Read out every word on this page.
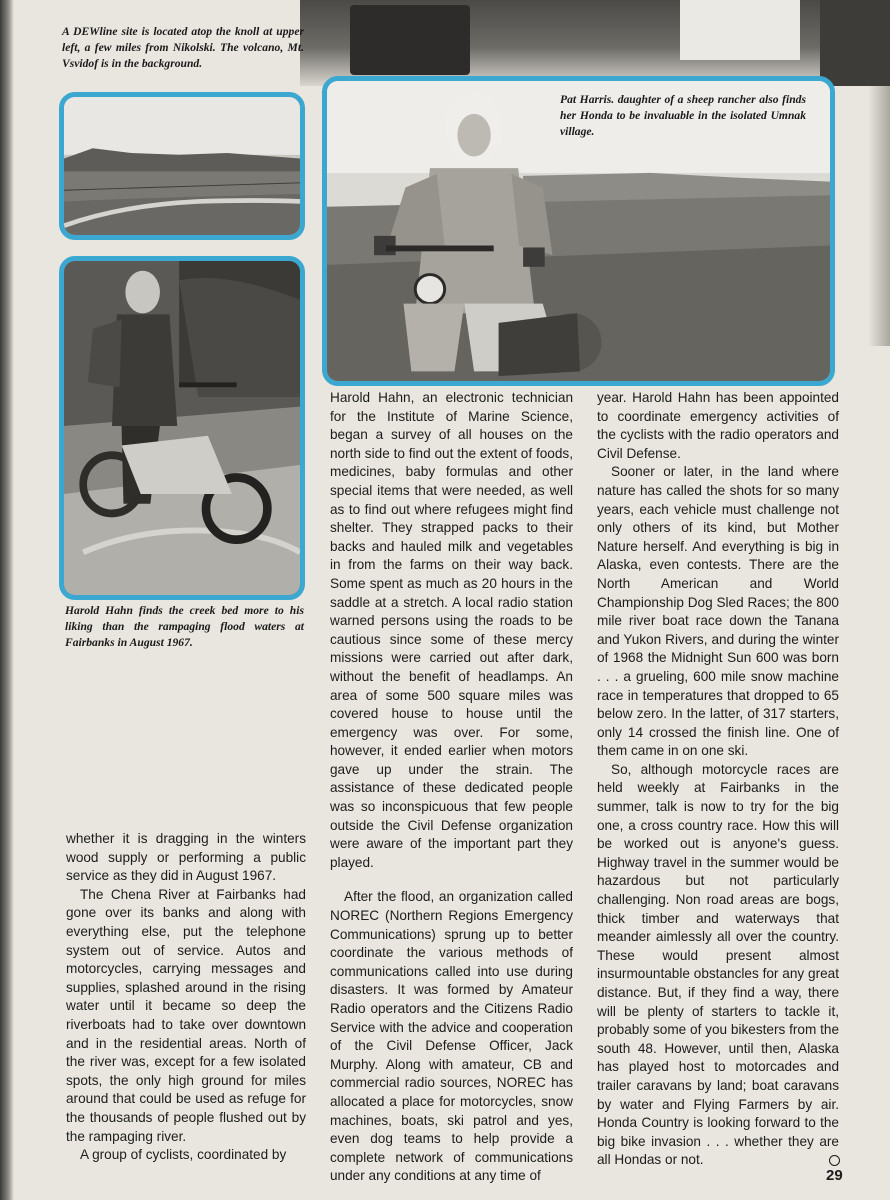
A DEWline site is located atop the knoll at upper left, a few miles from Nikolski. The volcano, Mt. Vsvidof is in the background.

Pat Harris. daughter of a sheep rancher also finds her Honda to be invaluable in the isolated Umnak village.

Harold Hahn finds the creek bed more to his liking than the rampaging flood waters at Fairbanks in August 1967.

whether it is dragging in the winters wood supply or performing a public service as they did in August 1967.

The Chena River at Fairbanks had gone over its banks and along with everything else, put the telephone system out of service. Autos and motorcycles, carrying messages and supplies, splashed around in the rising water until it became so deep the riverboats had to take over downtown and in the residential areas. North of the river was, except for a few isolated spots, the only high ground for miles around that could be used as refuge for the thousands of people flushed out by the rampaging river.

A group of cyclists, coordinated by

Harold Hahn, an electronic technician for the Institute of Marine Science, began a survey of all houses on the north side to find out the extent of foods, medicines, baby formulas and other special items that were needed, as well as to find out where refugees might find shelter. They strapped packs to their backs and hauled milk and vegetables in from the farms on their way back. Some spent as much as 20 hours in the saddle at a stretch. A local radio station warned persons using the roads to be cautious since some of these mercy missions were carried out after dark, without the benefit of headlamps. An area of some 500 square miles was covered house to house until the emergency was over. For some, however, it ended earlier when motors gave up under the strain. The assistance of these dedicated people was so inconspicuous that few people outside the Civil Defense organization were aware of the important part they played.

After the flood, an organization called NOREC (Northern Regions Emergency Communications) sprung up to better coordinate the various methods of communications called into use during disasters. It was formed by Amateur Radio operators and the Citizens Radio Service with the advice and cooperation of the Civil Defense Officer, Jack Murphy. Along with amateur, CB and commercial radio sources, NOREC has allocated a place for motorcycles, snow machines, boats, ski patrol and yes, even dog teams to help provide a complete network of communications under any conditions at any time of

year. Harold Hahn has been appointed to coordinate emergency activities of the cyclists with the radio operators and Civil Defense.

Sooner or later, in the land where nature has called the shots for so many years, each vehicle must challenge not only others of its kind, but Mother Nature herself. And everything is big in Alaska, even contests. There are the North American and World Championship Dog Sled Races; the 800 mile river boat race down the Tanana and Yukon Rivers, and during the winter of 1968 the Midnight Sun 600 was born . . . a grueling, 600 mile snow machine race in temperatures that dropped to 65 below zero. In the latter, of 317 starters, only 14 crossed the finish line. One of them came in on one ski.

So, although motorcycle races are held weekly at Fairbanks in the summer, talk is now to try for the big one, a cross country race. How this will be worked out is anyone's guess. Highway travel in the summer would be hazardous but not particularly challenging. Non road areas are bogs, thick timber and waterways that meander aimlessly all over the country. These would present almost insurmountable obstancles for any great distance. But, if they find a way, there will be plenty of starters to tackle it, probably some of you bikesters from the south 48. However, until then, Alaska has played host to motorcades and trailer caravans by land; boat caravans by water and Flying Farmers by air. Honda Country is looking forward to the big bike invasion . . . whether they are all Hondas or not.

29
